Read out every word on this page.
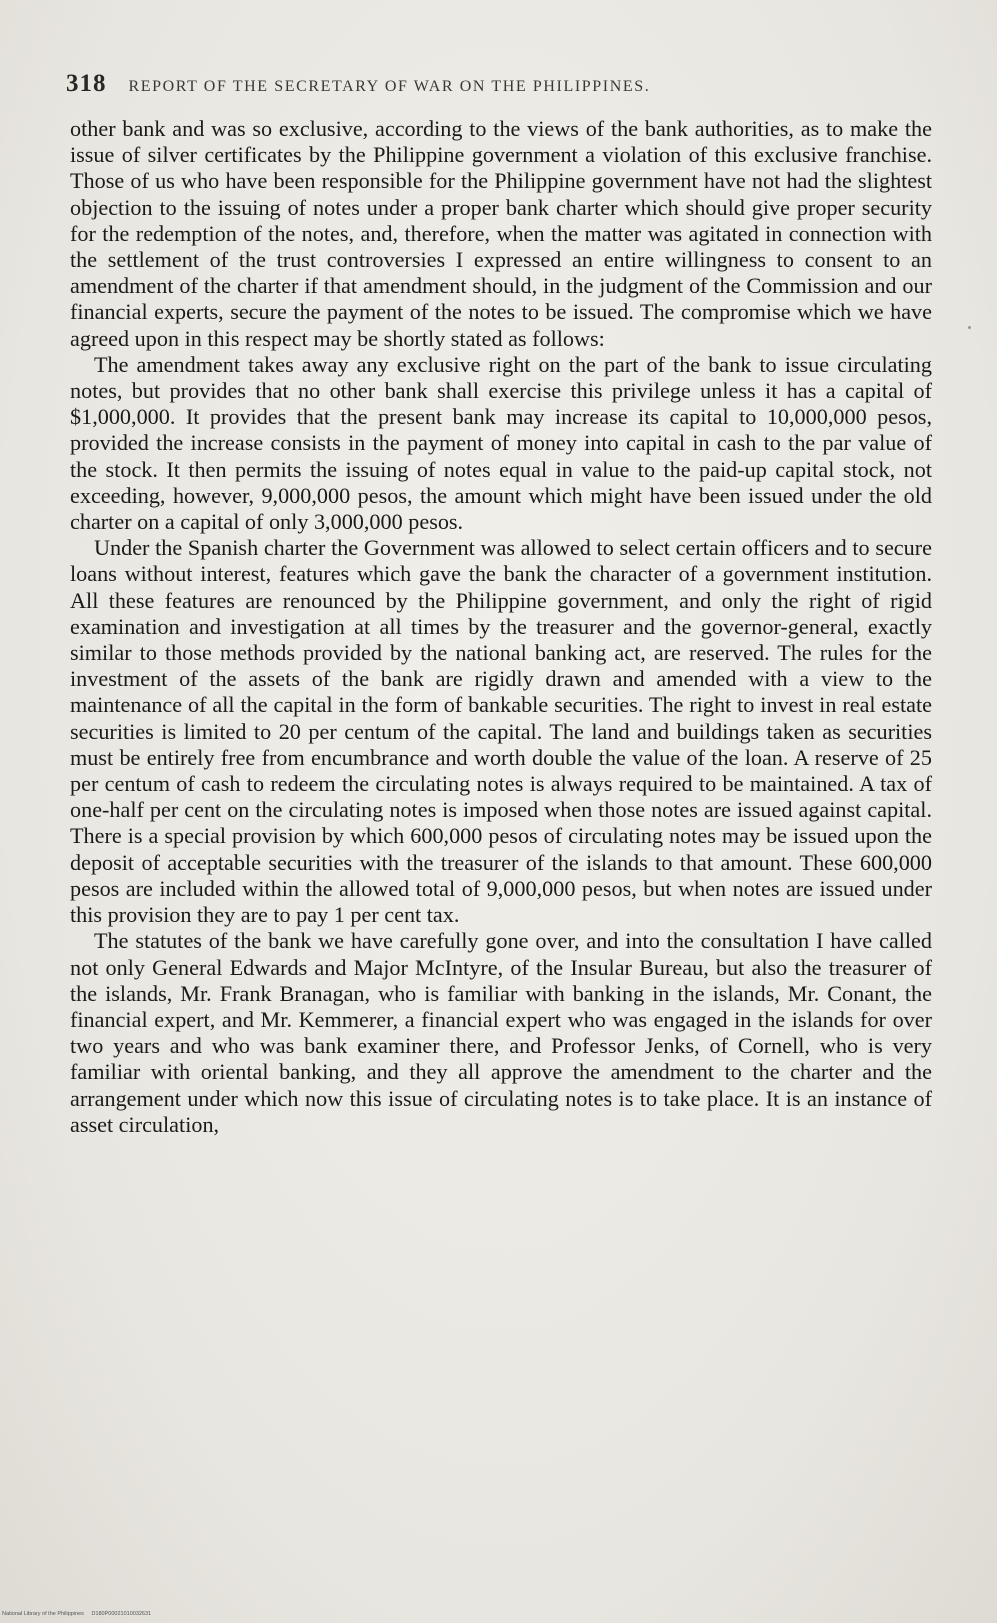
318 REPORT OF THE SECRETARY OF WAR ON THE PHILIPPINES.

other bank and was so exclusive, according to the views of the bank authorities, as to make the issue of silver certificates by the Philippine government a violation of this exclusive franchise. Those of us who have been responsible for the Philippine government have not had the slightest objection to the issuing of notes under a proper bank charter which should give proper security for the redemption of the notes, and, therefore, when the matter was agitated in connection with the settlement of the trust controversies I expressed an entire willingness to consent to an amendment of the charter if that amendment should, in the judgment of the Commission and our financial experts, secure the payment of the notes to be issued. The compromise which we have agreed upon in this respect may be shortly stated as follows:

The amendment takes away any exclusive right on the part of the bank to issue circulating notes, but provides that no other bank shall exercise this privilege unless it has a capital of $1,000,000. It provides that the present bank may increase its capital to 10,000,000 pesos, provided the increase consists in the payment of money into capital in cash to the par value of the stock. It then permits the issuing of notes equal in value to the paid-up capital stock, not exceeding, however, 9,000,000 pesos, the amount which might have been issued under the old charter on a capital of only 3,000,000 pesos.

Under the Spanish charter the Government was allowed to select certain officers and to secure loans without interest, features which gave the bank the character of a government institution. All these features are renounced by the Philippine government, and only the right of rigid examination and investigation at all times by the treasurer and the governor-general, exactly similar to those methods provided by the national banking act, are reserved. The rules for the investment of the assets of the bank are rigidly drawn and amended with a view to the maintenance of all the capital in the form of bankable securities. The right to invest in real estate securities is limited to 20 per centum of the capital. The land and buildings taken as securities must be entirely free from encumbrance and worth double the value of the loan. A reserve of 25 per centum of cash to redeem the circulating notes is always required to be maintained. A tax of one-half per cent on the circulating notes is imposed when those notes are issued against capital. There is a special provision by which 600,000 pesos of circulating notes may be issued upon the deposit of acceptable securities with the treasurer of the islands to that amount. These 600,000 pesos are included within the allowed total of 9,000,000 pesos, but when notes are issued under this provision they are to pay 1 per cent tax.

The statutes of the bank we have carefully gone over, and into the consultation I have called not only General Edwards and Major McIntyre, of the Insular Bureau, but also the treasurer of the islands, Mr. Frank Branagan, who is familiar with banking in the islands, Mr. Conant, the financial expert, and Mr. Kemmerer, a financial expert who was engaged in the islands for over two years and who was bank examiner there, and Professor Jenks, of Cornell, who is very familiar with oriental banking, and they all approve the amendment to the charter and the arrangement under which now this issue of circulating notes is to take place. It is an instance of asset circulation,

National Library of the Philippines D180P00021010032631
